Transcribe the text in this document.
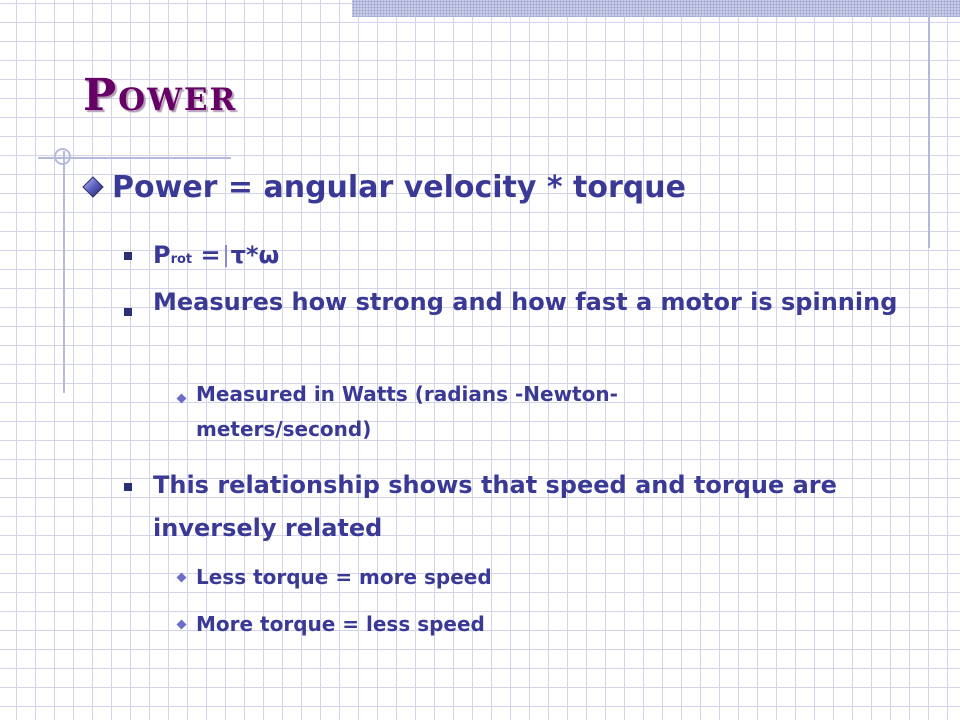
Power
Power = angular velocity * torque
Prot = τ*ω
Measures how strong and how fast a motor is spinning
Measured in Watts (radians -Newton-meters/second)
This relationship shows that speed and torque are inversely related
Less torque = more speed
More torque = less speed
